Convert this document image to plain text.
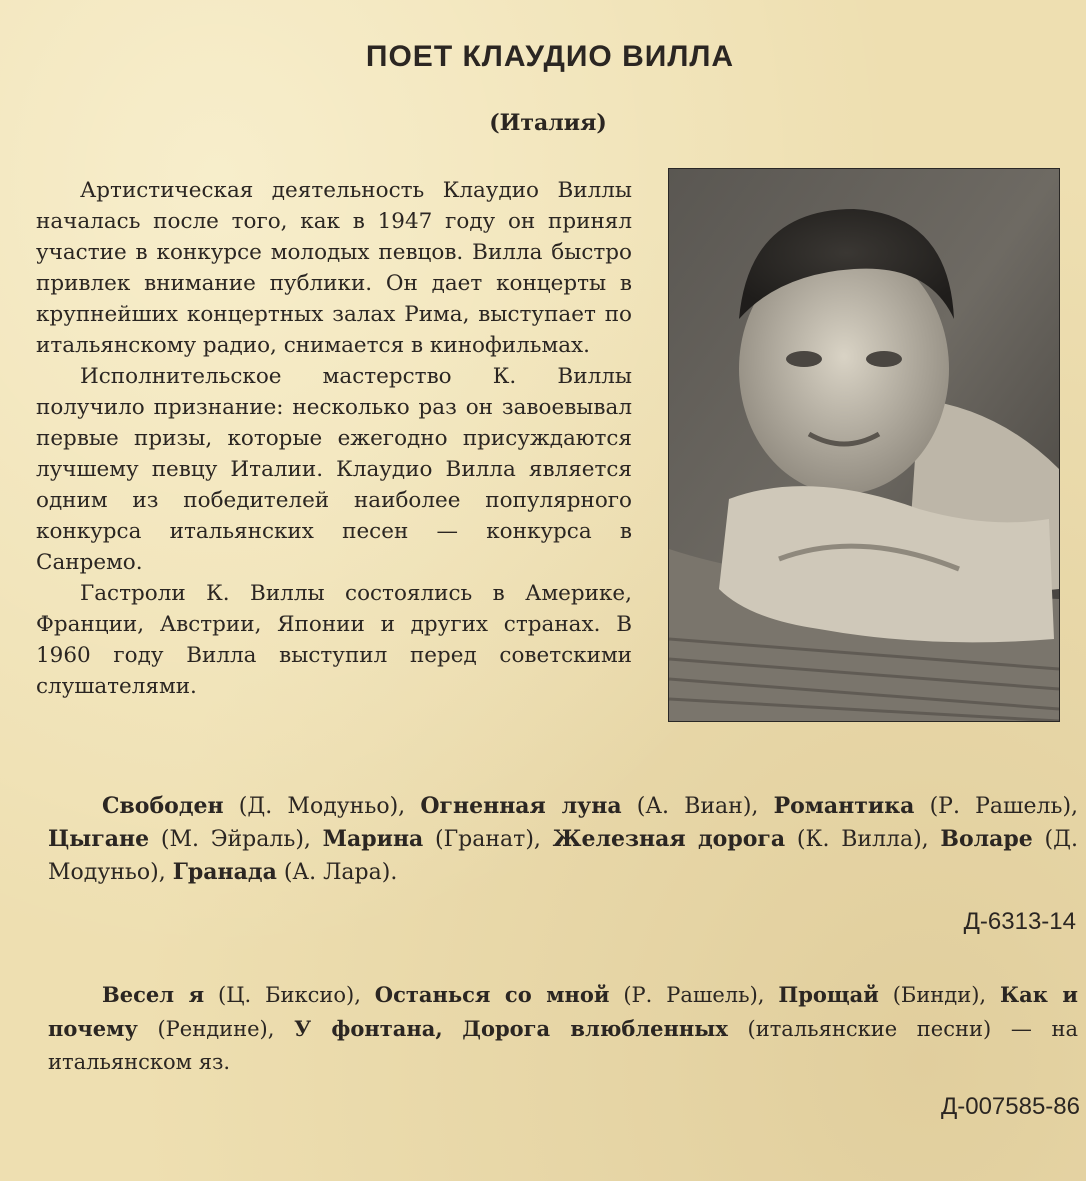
ПОЕТ КЛАУДИО ВИЛЛА
(Италия)

Артистическая деятельность Клаудио Виллы началась после того, как в 1947 году он принял участие в конкурсе молодых певцов. Вилла быстро привлек внимание публики. Он дает концерты в крупнейших концертных залах Рима, выступает по итальянскому радио, снимается в кинофильмах.

Исполнительское мастерство К. Виллы получило признание: несколько раз он завоевывал первые призы, которые ежегодно присуждаются лучшему певцу Италии. Клаудио Вилла является одним из победителей наиболее популярного конкурса итальянских песен — конкурса в Санремо.

Гастроли К. Виллы состоялись в Америке, Франции, Австрии, Японии и других странах. В 1960 году Вилла выступил перед советскими слушателями.

Свободен (Д. Модуньо), Огненная луна (А. Виан), Романтика (Р. Рашель), Цыгане (М. Эйраль), Марина (Гранат), Железная дорога (К. Вилла), Воларе (Д. Модуньо), Гранада (А. Лара).

Д-6313-14

Весел я (Ц. Биксио), Останься со мной (Р. Рашель), Прощай (Бинди), Как и почему (Рендине), У фонтана, Дорога влюбленных (итальянские песни) — на итальянском яз.

Д-007585-86
